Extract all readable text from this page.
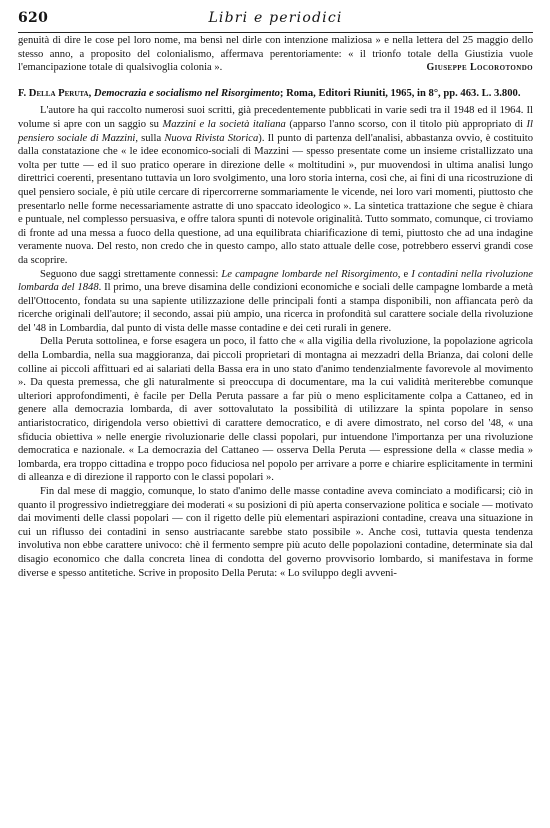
620	Libri e periodici

genuità di dire le cose pel loro nome, ma bensì nel dirle con intenzione maliziosa » e nella lettera del 25 maggio dello stesso anno, a proposito del colonialismo, affermava perentoriamente: « il trionfo totale della Giustizia vuole l'emancipazione totale di qualsivoglia colonia ».	Giuseppe Locorotondo

F. Della Peruta, Democrazia e socialismo nel Risorgimento; Roma, Editori Riuniti, 1965, in 8°, pp. 463. L. 3.800.

L'autore ha qui raccolto numerosi suoi scritti, già precedentemente pubblicati in varie sedi tra il 1948 ed il 1964. Il volume si apre con un saggio su Mazzini e la società italiana (apparso l'anno scorso, con il titolo più appropriato di Il pensiero sociale di Mazzini, sulla Nuova Rivista Storica). Il punto di partenza dell'analisi, abbastanza ovvio, è costituito dalla constatazione che « le idee economico-sociali di Mazzini — spesso presentate come un insieme cristallizzato una volta per tutte — ed il suo pratico operare in direzione delle « moltitudini », pur muovendosi in ultima analisi lungo direttrici coerenti, presentano tuttavia un loro svolgimento, una loro storia interna, così che, ai fini di una ricostruzione di quel pensiero sociale, è più utile cercare di ripercorrerne sommariamente le vicende, nei loro vari momenti, piuttosto che presentarlo nelle forme necessariamente astratte di uno spaccato ideologico ». La sintetica trattazione che segue è chiara e puntuale, nel complesso persuasiva, e offre talora spunti di notevole originalità. Tutto sommato, comunque, ci troviamo di fronte ad una messa a fuoco della questione, ad una equilibrata chiarificazione di temi, piuttosto che ad una indagine veramente nuova. Del resto, non credo che in questo campo, allo stato attuale delle cose, potrebbero esservi grandi cose da scoprire.

Seguono due saggi strettamente connessi: Le campagne lombarde nel Risorgimento, e I contadini nella rivoluzione lombarda del 1848. Il primo, una breve disamina delle condizioni economiche e sociali delle campagne lombarde a metà dell'Ottocento, fondata su una sapiente utilizzazione delle principali fonti a stampa disponibili, non affiancata però da ricerche originali dell'autore; il secondo, assai più ampio, una ricerca in profondità sul carattere sociale della rivoluzione del '48 in Lombardia, dal punto di vista delle masse contadine e dei ceti rurali in genere.

Della Peruta sottolinea, e forse esagera un poco, il fatto che « alla vigilia della rivoluzione, la popolazione agricola della Lombardia, nella sua maggioranza, dai piccoli proprietari di montagna ai mezzadri della Brianza, dai coloni delle colline ai piccoli affittuari ed ai salariati della Bassa era in uno stato d'animo tendenzialmente favorevole al movimento ». Da questa premessa, che gli naturalmente si preoccupa di documentare, ma la cui validità meriterebbe comunque ulteriori approfondimenti, è facile per Della Peruta passare a far più o meno esplicitamente colpa a Cattaneo, ed in genere alla democrazia lombarda, di aver sottovalutato la possibilità di utilizzare la spinta popolare in senso antiaristocratico, dirigendola verso obiettivi di carattere democratico, e di avere dimostrato, nel corso del '48, « una sfiducia obiettiva » nelle energie rivoluzionarie delle classi popolari, pur intuendone l'importanza per una rivoluzione democratica e nazionale. « La democrazia del Cattaneo — osserva Della Peruta — espressione della « classe media » lombarda, era troppo cittadina e troppo poco fiduciosa nel popolo per arrivare a porre e chiarire esplicitamente in termini di alleanza e di direzione il rapporto con le classi popolari ».

Fin dal mese di maggio, comunque, lo stato d'animo delle masse contadine aveva cominciato a modificarsi; ciò in quanto il progressivo indietreggiare dei moderati « su posizioni di più aperta conservazione politica e sociale — motivato dai movimenti delle classi popolari — con il rigetto delle più elementari aspirazioni contadine, creava una situazione in cui un riflusso dei contadini in senso austriacante sarebbe stato possibile ». Anche così, tuttavia questa tendenza involutiva non ebbe carattere univoco: chè il fermento sempre più acuto delle popolazioni contadine, determinate sia dal disagio economico che dalla concreta linea di condotta del governo provvisorio lombardo, si manifestava in forme diverse e spesso antitetiche. Scrive in proposito Della Peruta: « Lo sviluppo degli avveni-
